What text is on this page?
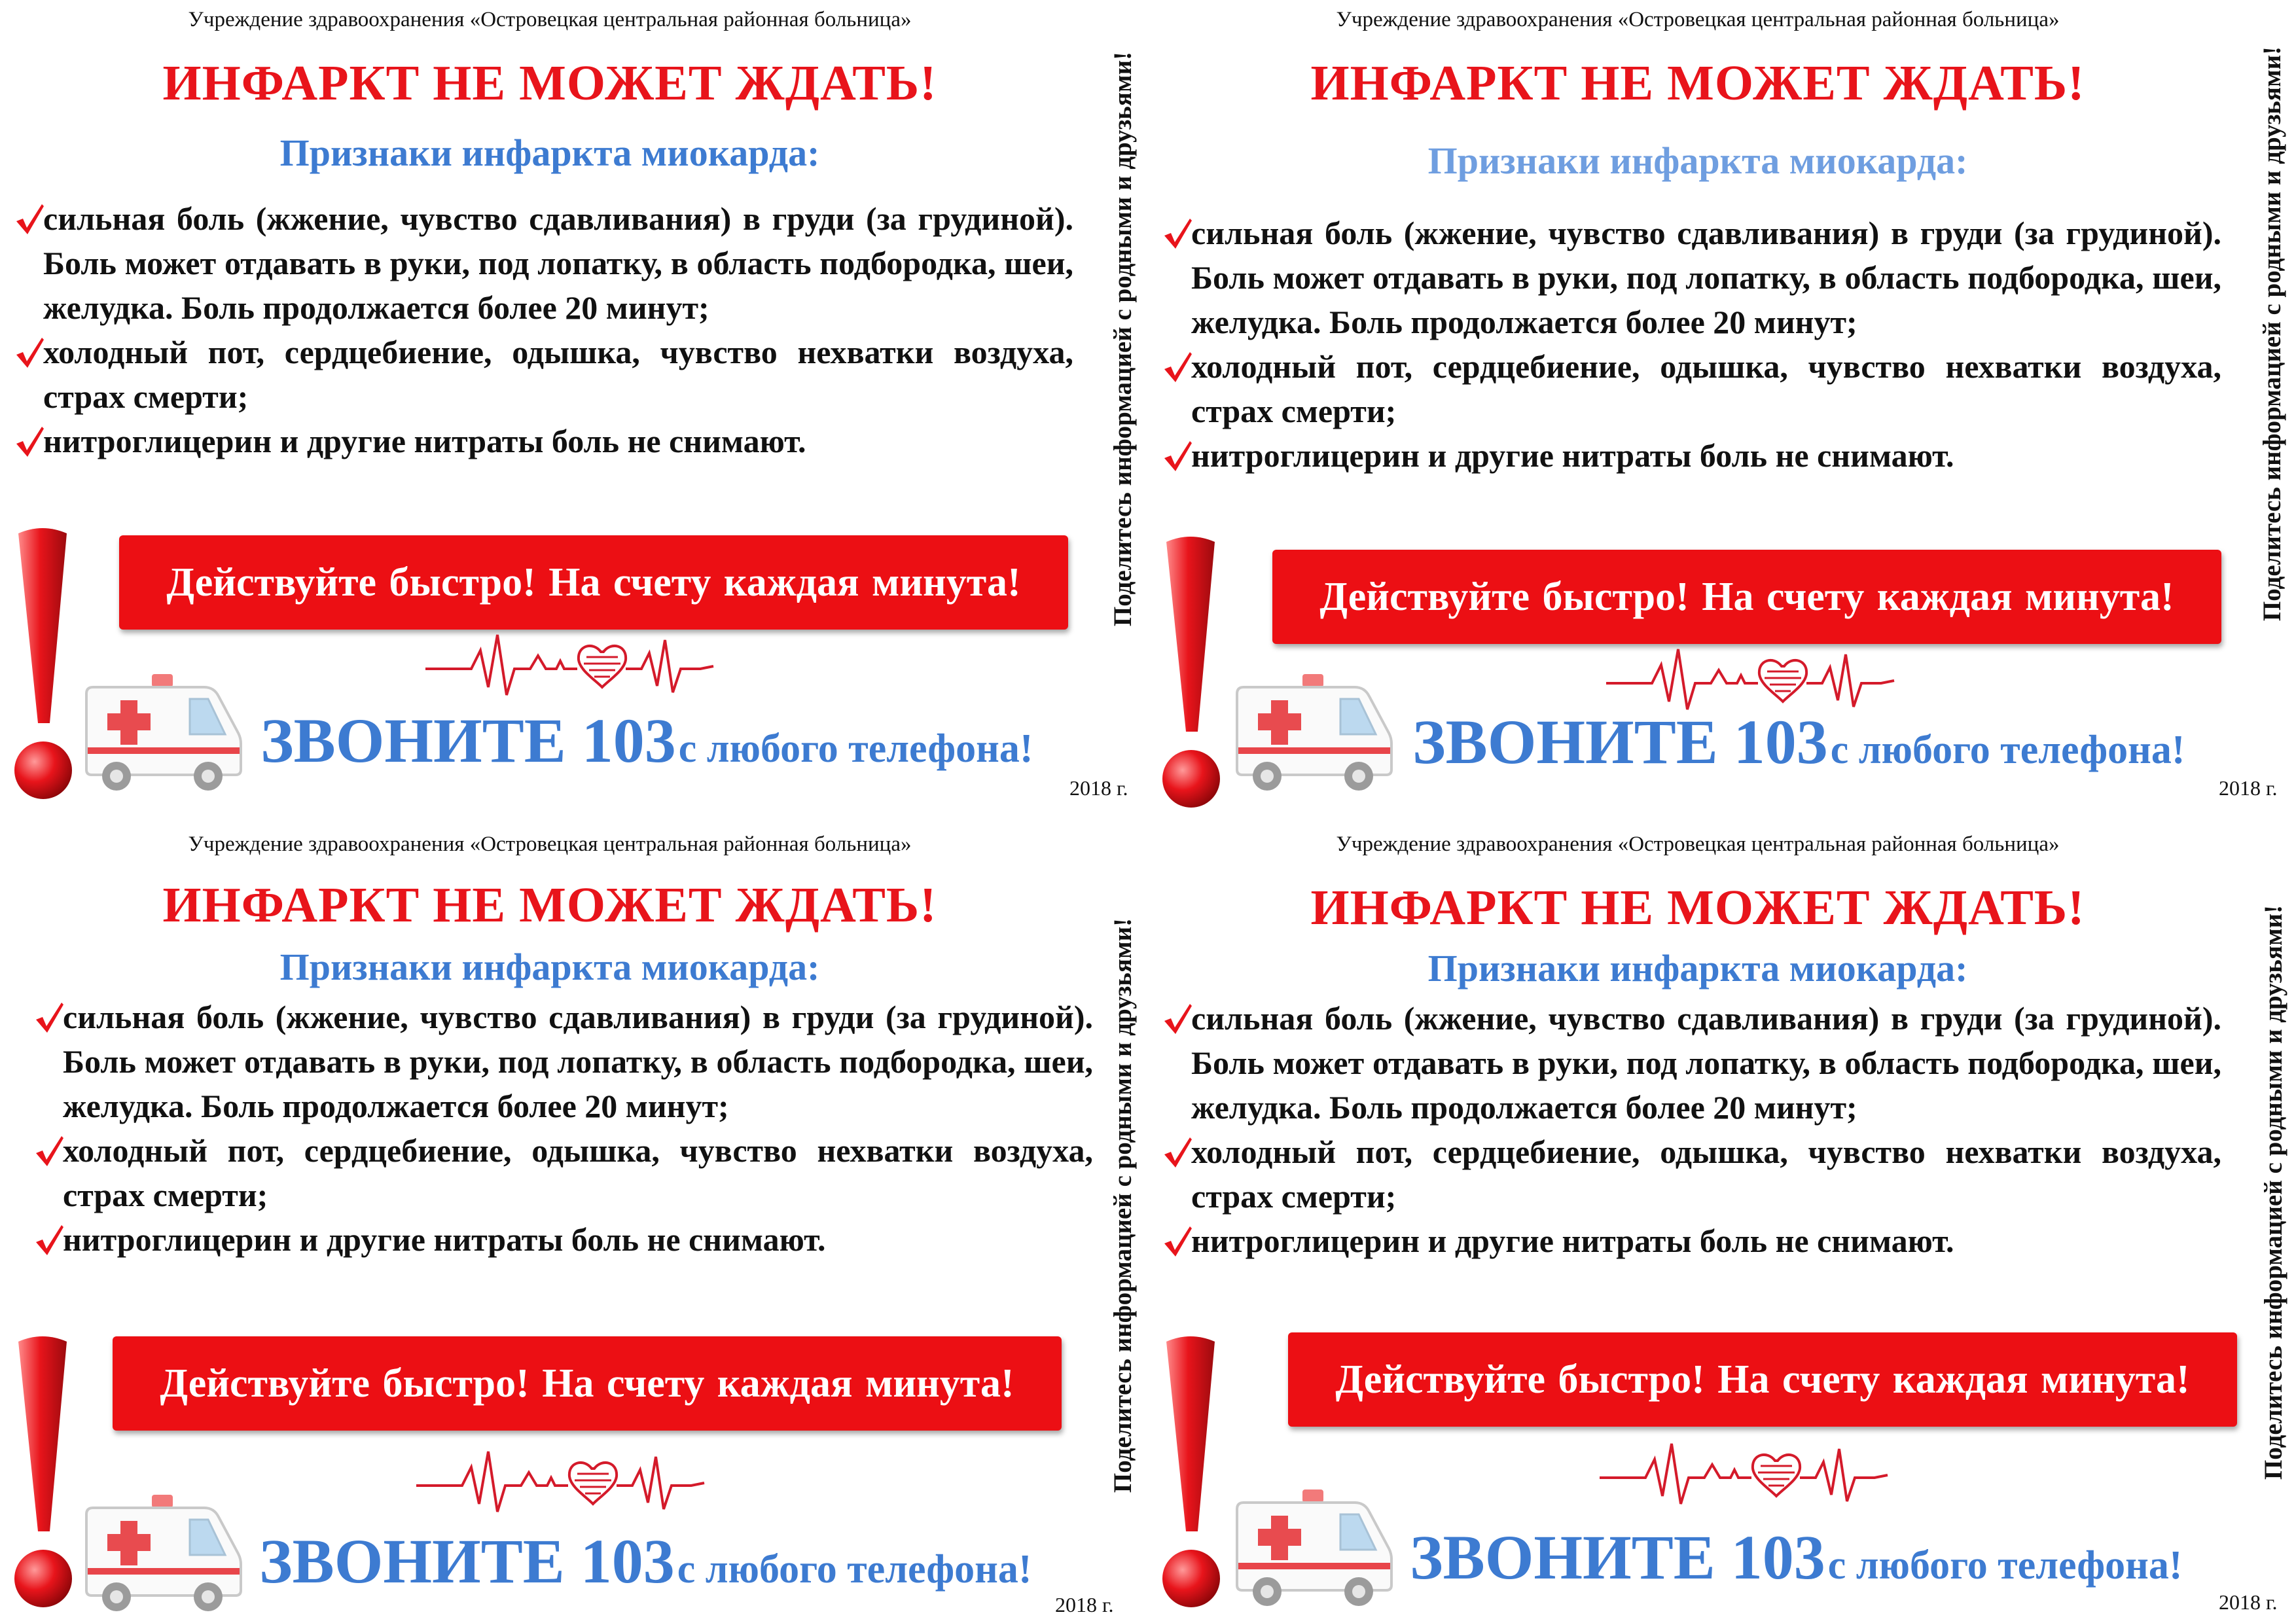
Учреждение здравоохранения «Островецкая центральная районная больница»
ИНФАРКТ НЕ МОЖЕТ ЖДАТЬ!
Признаки инфаркта миокарда:
сильная боль (жжение, чувство сдавливания) в груди (за грудиной). Боль может отдавать в руки, под лопатку, в область подбородка, шеи, желудка. Боль продолжается более 20 минут;
холодный пот, сердцебиение, одышка, чувство нехватки воздуха, страх смерти;
нитроглицерин и другие нитраты боль не снимают.
Действуйте быстро! На счету каждая минута!
ЗВОНИТЕ 103 с любого телефона!
2018 г.
Поделитесь информацией с родными и друзьями!
Учреждение здравоохранения «Островецкая центральная районная больница»
ИНФАРКТ НЕ МОЖЕТ ЖДАТЬ!
Признаки инфаркта миокарда:
сильная боль (жжение, чувство сдавливания) в груди (за грудиной). Боль может отдавать в руки, под лопатку, в область подбородка, шеи, желудка. Боль продолжается более 20 минут;
холодный пот, сердцебиение, одышка, чувство нехватки воздуха, страх смерти;
нитроглицерин и другие нитраты боль не снимают.
Действуйте быстро! На счету каждая минута!
ЗВОНИТЕ 103 с любого телефона!
2018 г.
Поделитесь информацией с родными и друзьями!
Учреждение здравоохранения «Островецкая центральная районная больница»
ИНФАРКТ НЕ МОЖЕТ ЖДАТЬ!
Признаки инфаркта миокарда:
сильная боль (жжение, чувство сдавливания) в груди (за грудиной). Боль может отдавать в руки, под лопатку, в область подбородка, шеи, желудка. Боль продолжается более 20 минут;
холодный пот, сердцебиение, одышка, чувство нехватки воздуха, страх смерти;
нитроглицерин и другие нитраты боль не снимают.
Действуйте быстро! На счету каждая минута!
ЗВОНИТЕ 103 с любого телефона!
2018 г.
Поделитесь информацией с родными и друзьями!
Учреждение здравоохранения «Островецкая центральная районная больница»
ИНФАРКТ НЕ МОЖЕТ ЖДАТЬ!
Признаки инфаркта миокарда:
сильная боль (жжение, чувство сдавливания) в груди (за грудиной). Боль может отдавать в руки, под лопатку, в область подбородка, шеи, желудка. Боль продолжается более 20 минут;
холодный пот, сердцебиение, одышка, чувство нехватки воздуха, страх смерти;
нитроглицерин и другие нитраты боль не снимают.
Действуйте быстро! На счету каждая минута!
ЗВОНИТЕ 103 с любого телефона!
2018 г.
Поделитесь информацией с родными и друзьями!
